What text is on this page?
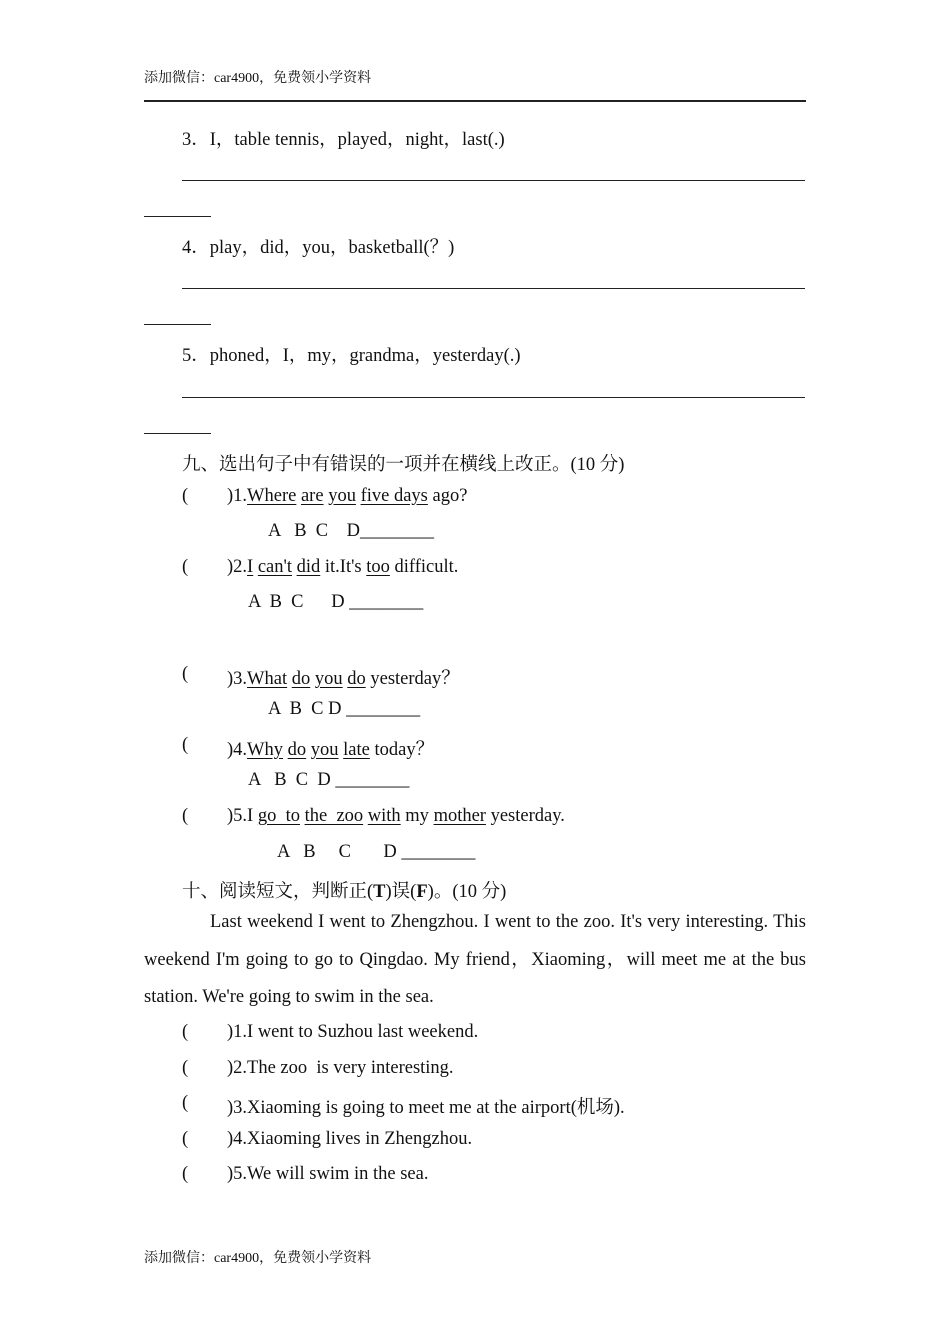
添加微信：car4900，免费领小学资料
3．I，table tennis，played，night，last(.)
4．play，did，you，basketball(？)
5．phoned，I，my，grandma，yesterday(.)
九、选出句子中有错误的一项并在横线上改正。(10 分)
( )1.Where are you five days ago?
A   B  C    D________
( )2.I can't did it.It's too difficult.
A  B  C      D ________
( )3.What do you do yesterday？
A  B  C D ________
( )4.Why do you late today？
A   B  C  D ________
( )5.I go  to the  zoo with my mother yesterday.
A   B     C       D ________
十、阅读短文，判断正(T)误(F)。(10 分)
Last weekend I went to Zhengzhou. I went to the zoo. It's very interesting. This weekend I'm going to go to Qingdao. My friend，Xiaoming，will meet me at the bus station. We're going to swim in the sea.
( )1.I went to Suzhou last weekend.
( )2.The zoo  is very interesting.
( )3.Xiaoming is going to meet me at the airport(机场).
( )4.Xiaoming lives in Zhengzhou.
( )5.We will swim in the sea.
添加微信：car4900，免费领小学资料
